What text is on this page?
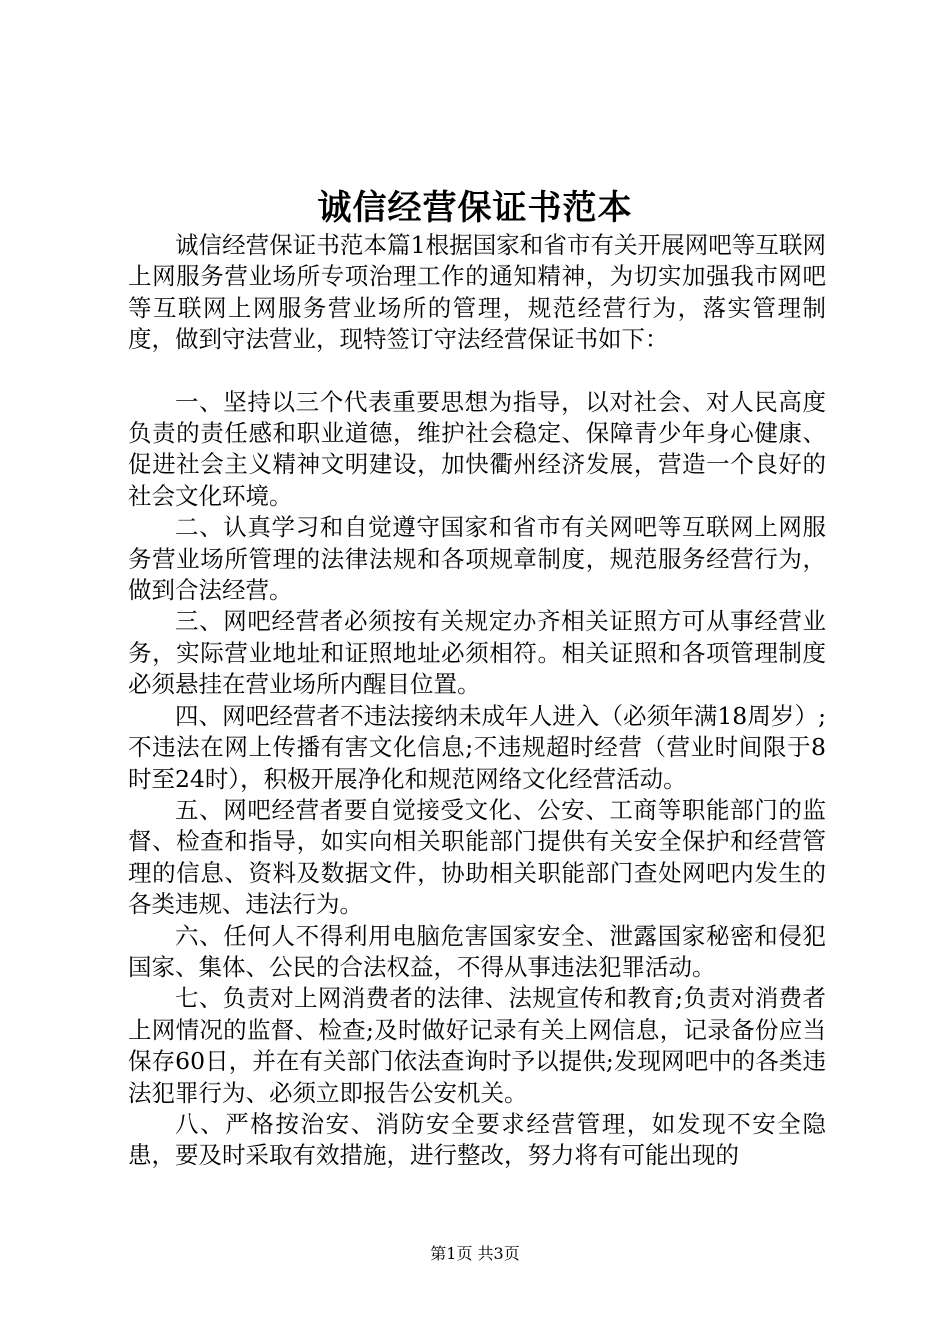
诚信经营保证书范本

诚信经营保证书范本篇1根据国家和省市有关开展网吧等互联网上网服务营业场所专项治理工作的通知精神，为切实加强我市网吧等互联网上网服务营业场所的管理，规范经营行为，落实管理制度，做到守法营业，现特签订守法经营保证书如下：

一、坚持以三个代表重要思想为指导，以对社会、对人民高度负责的责任感和职业道德，维护社会稳定、保障青少年身心健康、促进社会主义精神文明建设，加快衢州经济发展，营造一个良好的社会文化环境。

二、认真学习和自觉遵守国家和省市有关网吧等互联网上网服务营业场所管理的法律法规和各项规章制度，规范服务经营行为，做到合法经营。

三、网吧经营者必须按有关规定办齐相关证照方可从事经营业务，实际营业地址和证照地址必须相符。相关证照和各项管理制度必须悬挂在营业场所内醒目位置。

四、网吧经营者不违法接纳未成年人进入（必须年满18周岁）;不违法在网上传播有害文化信息;不违规超时经营（营业时间限于8时至24时），积极开展净化和规范网络文化经营活动。

五、网吧经营者要自觉接受文化、公安、工商等职能部门的监督、检查和指导，如实向相关职能部门提供有关安全保护和经营管理的信息、资料及数据文件，协助相关职能部门查处网吧内发生的各类违规、违法行为。

六、任何人不得利用电脑危害国家安全、泄露国家秘密和侵犯国家、集体、公民的合法权益，不得从事违法犯罪活动。

七、负责对上网消费者的法律、法规宣传和教育;负责对消费者上网情况的监督、检查;及时做好记录有关上网信息，记录备份应当保存60日，并在有关部门依法查询时予以提供;发现网吧中的各类违法犯罪行为、必须立即报告公安机关。

八、严格按治安、消防安全要求经营管理，如发现不安全隐患，要及时采取有效措施，进行整改，努力将有可能出现的

第1页 共3页
